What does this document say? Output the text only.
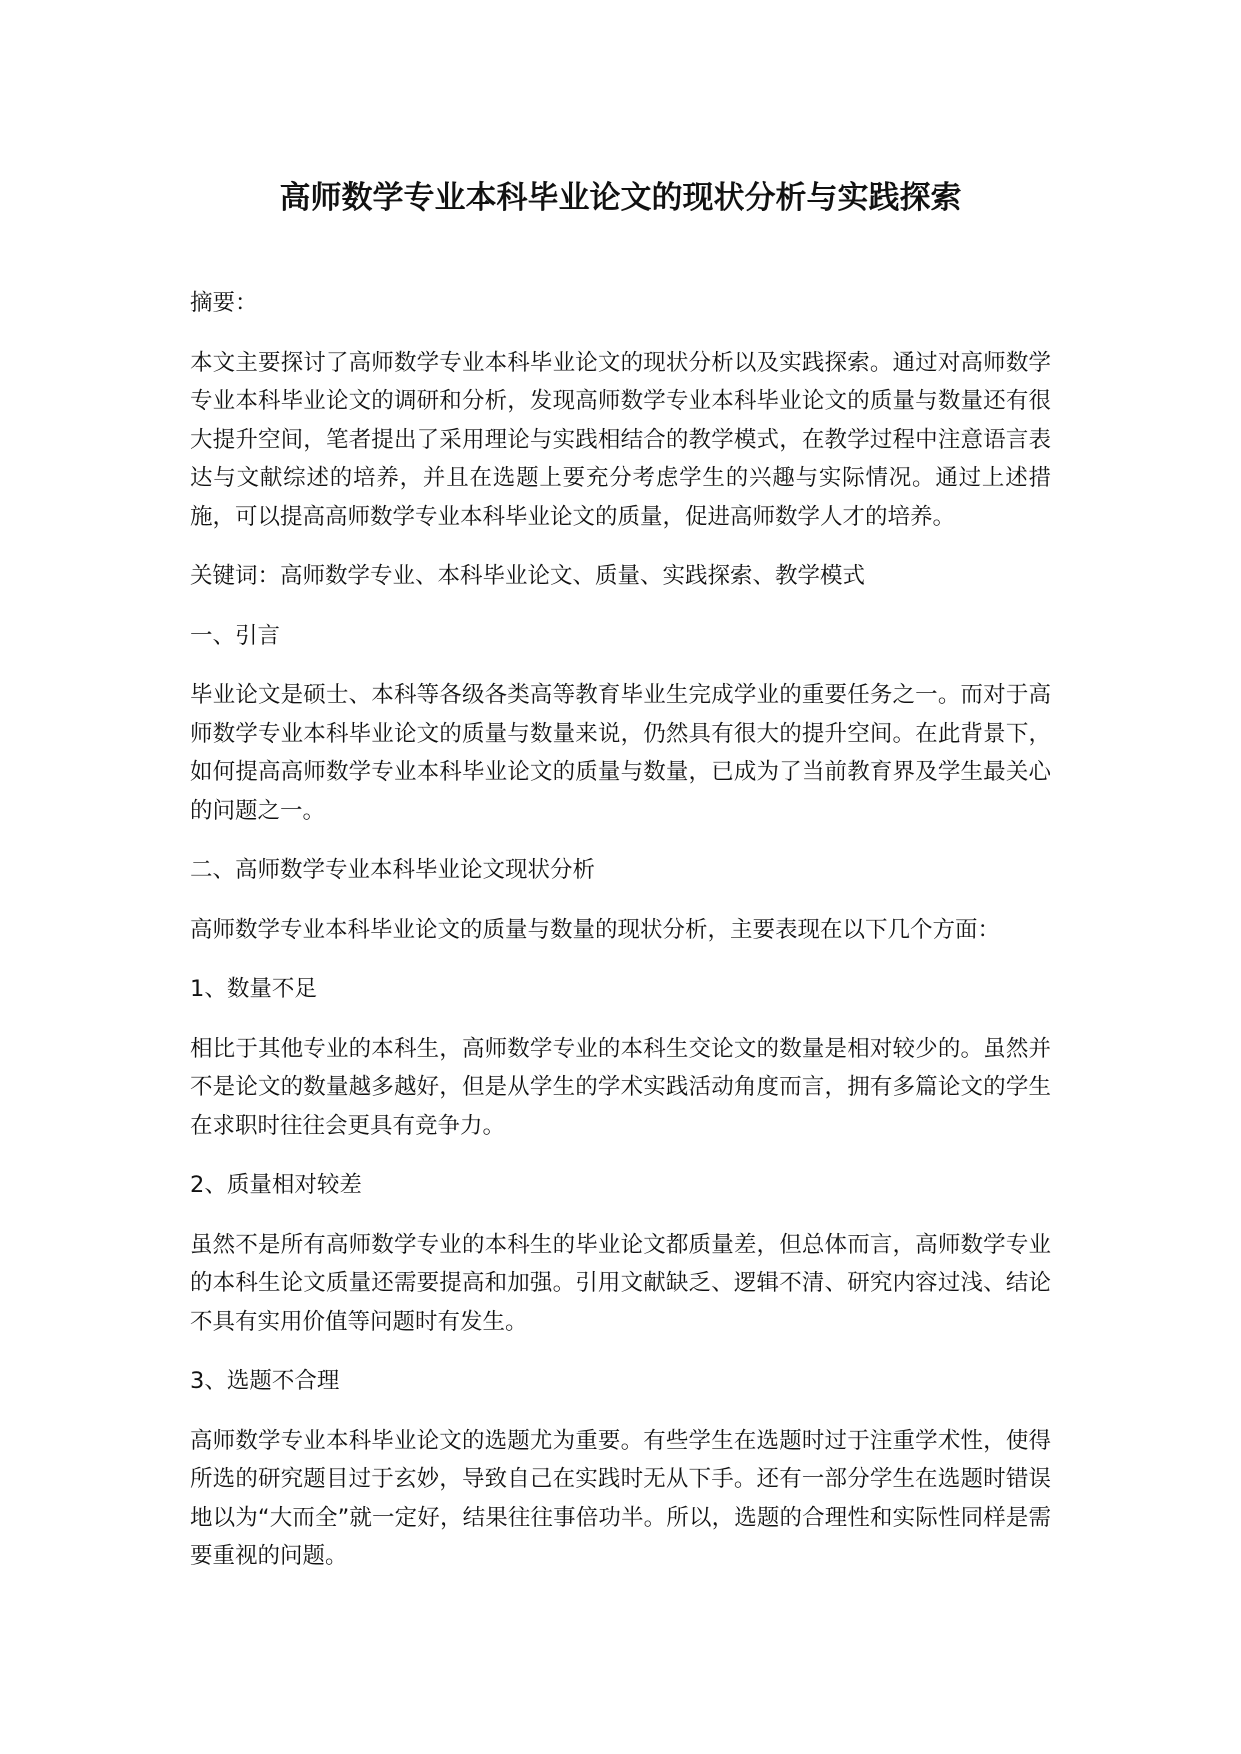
高师数学专业本科毕业论文的现状分析与实践探索

摘要：

本文主要探讨了高师数学专业本科毕业论文的现状分析以及实践探索。通过对高师数学专业本科毕业论文的调研和分析，发现高师数学专业本科毕业论文的质量与数量还有很大提升空间，笔者提出了采用理论与实践相结合的教学模式，在教学过程中注意语言表达与文献综述的培养，并且在选题上要充分考虑学生的兴趣与实际情况。通过上述措施，可以提高高师数学专业本科毕业论文的质量，促进高师数学人才的培养。

关键词：高师数学专业、本科毕业论文、质量、实践探索、教学模式

一、引言

毕业论文是硕士、本科等各级各类高等教育毕业生完成学业的重要任务之一。而对于高师数学专业本科毕业论文的质量与数量来说，仍然具有很大的提升空间。在此背景下，如何提高高师数学专业本科毕业论文的质量与数量，已成为了当前教育界及学生最关心的问题之一。

二、高师数学专业本科毕业论文现状分析

高师数学专业本科毕业论文的质量与数量的现状分析，主要表现在以下几个方面：

1、数量不足

相比于其他专业的本科生，高师数学专业的本科生交论文的数量是相对较少的。虽然并不是论文的数量越多越好，但是从学生的学术实践活动角度而言，拥有多篇论文的学生在求职时往往会更具有竞争力。

2、质量相对较差

虽然不是所有高师数学专业的本科生的毕业论文都质量差，但总体而言，高师数学专业的本科生论文质量还需要提高和加强。引用文献缺乏、逻辑不清、研究内容过浅、结论不具有实用价值等问题时有发生。

3、选题不合理

高师数学专业本科毕业论文的选题尤为重要。有些学生在选题时过于注重学术性，使得所选的研究题目过于玄妙，导致自己在实践时无从下手。还有一部分学生在选题时错误地以为“大而全”就一定好，结果往往事倍功半。所以，选题的合理性和实际性同样是需要重视的问题。
